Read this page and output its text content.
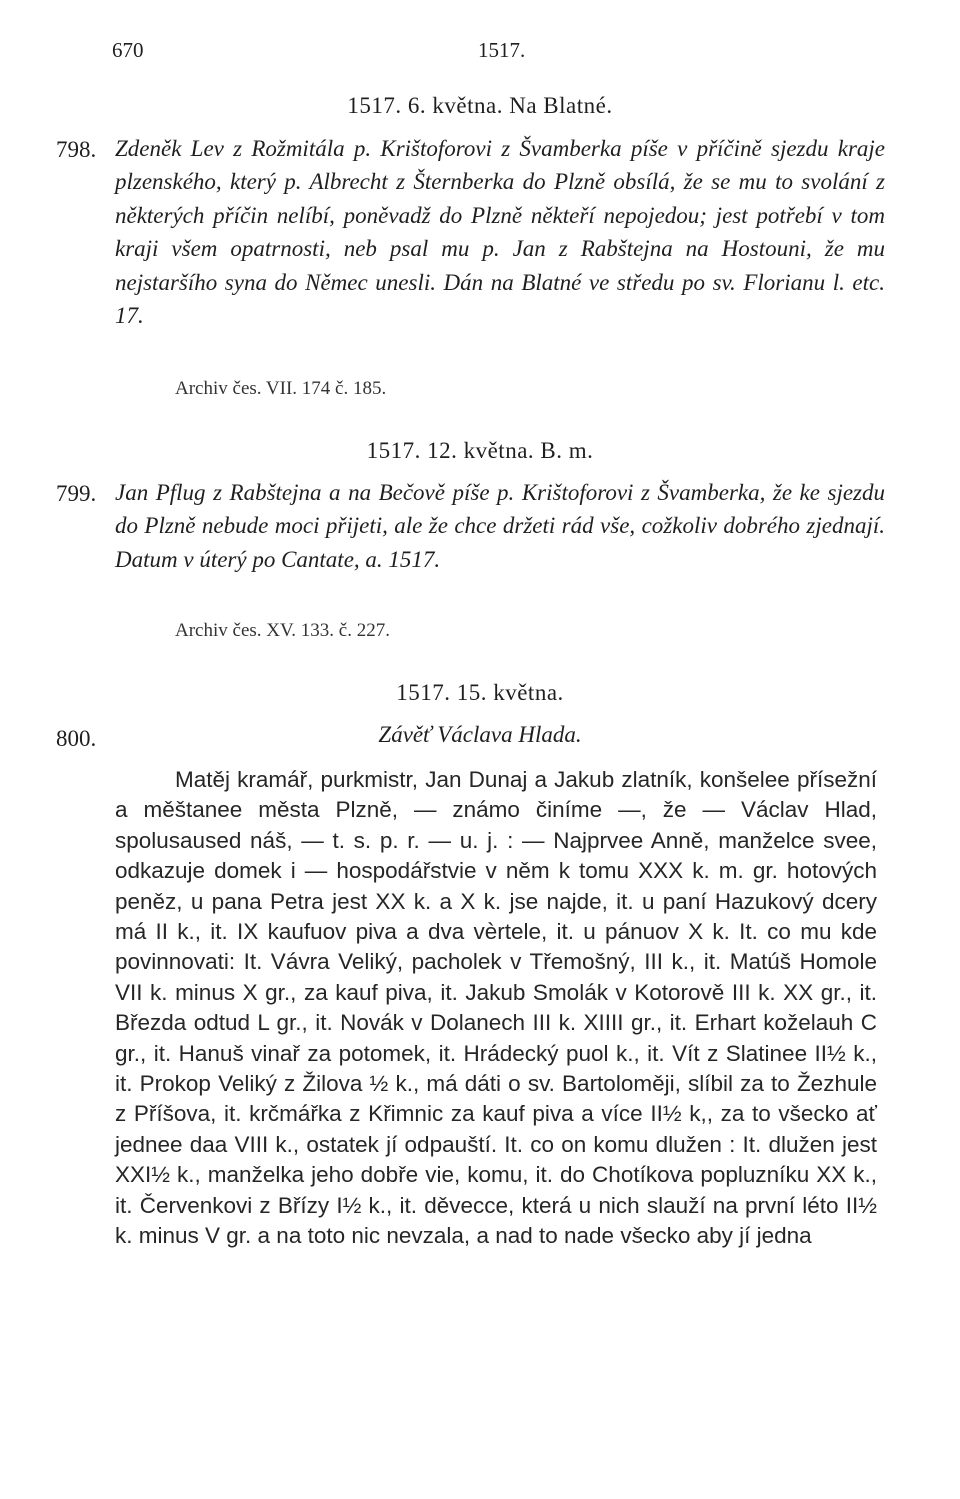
670	1517.
1517. 6. května. Na Blatné.
798. Zdeněk Lev z Rožmitála p. Krištoforovi z Švamberka píše v příčině sjezdu kraje plzenského, který p. Albrecht z Šternberka do Plzně obsílá, že se mu to svolání z některých příčin nelíbí, poněvadž do Plzně někteří nepojedou; jest potřebí v tom kraji všem opatrnosti, neb psal mu p. Jan z Rabštejna na Hostouni, že mu nejstaršího syna do Němec unesli. Dán na Blatné ve středu po sv. Florianu l. etc. 17.

Archiv čes. VII. 174 č. 185.
1517. 12. května. B. m.
799. Jan Pflug z Rabštejna a na Bečově píše p. Krištoforovi z Švamberka, že ke sjezdu do Plzně nebude moci přijeti, ale že chce držeti rád vše, cožkoliv dobrého zjednají. Datum v úterý po Cantate, a. 1517.

Archiv čes. XV. 133. č. 227.
1517. 15. května.
800.	Závěť Václava Hlada.

Matěj kramář, purkmistr, Jan Dunaj a Jakub zlatník, konšelee přísežní a měštanee města Plzně, — známo činíme —, že — Václav Hlad, spolusaused náš, — t. s. p. r. — u. j. : — Najprvee Anně, manželce svee, odkazuje domek i — hospodářstvie v něm k tomu XXX k. m. gr. hotových peněz, u pana Petra jest XX k. a X k. jse najde, it. u paní Hazukový dcery má II k., it. IX kaufuov piva a dva vèrtele, it. u pánuov X k. It. co mu kde povinnovati: It. Vávra Veliký, pacholek v Třemošný, III k., it. Matúš Homole VII k. minus X gr., za kauf piva, it. Jakub Smolák v Kotorově III k. XX gr., it. Březda odtud L gr., it. Novák v Dolanech III k. XIIII gr., it. Erhart koželauh C gr., it. Hanuš vinař za potomek, it. Hrádecký puol k., it. Vít z Slatinee II½ k., it. Prokop Veliký z Žilova ½ k., má dáti o sv. Bartoloměji, slíbil za to Žezhule z Příšova, it. krčmářka z Křimnic za kauf piva a více II½ k,, za to všecko ať jednee daa VIII k., ostatek jí odpauští. It. co on komu dlužen : It. dlužen jest XXI½ k., manželka jeho dobře vie, komu, it. do Chotíkova popluzníku XX k., it. Červenkovi z Břízy I½ k., it. děvecce, která u nich slauží na první léto II½ k. minus V gr. a na toto nic nevzala, a nad to nade všecko aby jí jedna
